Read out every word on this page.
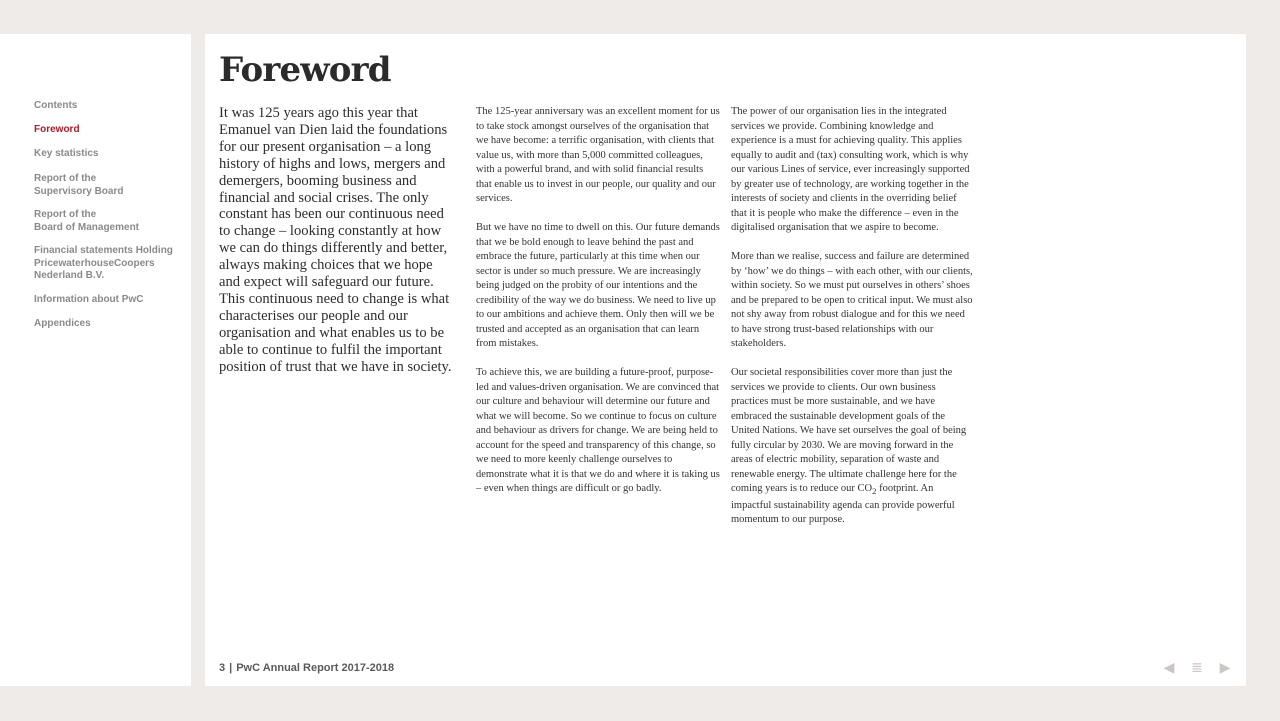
Contents
Foreword
Key statistics
Report of the
Supervisory Board
Report of the
Board of Management
Financial statements Holding
PricewaterhouseCoopers
Nederland B.V.
Information about PwC
Appendices
Foreword

It was 125 years ago this year that Emanuel van Dien laid the foundations for our present organisation – a long history of highs and lows, mergers and demergers, booming business and financial and social crises. The only constant has been our continuous need to change – looking constantly at how we can do things differently and better, always making choices that we hope and expect will safeguard our future. This continuous need to change is what characterises our people and our organisation and what enables us to be able to continue to fulfil the important position of trust that we have in society.

The 125-year anniversary was an excellent moment for us to take stock amongst ourselves of the organisation that we have become: a terrific organisation, with clients that value us, with more than 5,000 committed colleagues, with a powerful brand, and with solid financial results that enable us to invest in our people, our quality and our services.

But we have no time to dwell on this. Our future demands that we be bold enough to leave behind the past and embrace the future, particularly at this time when our sector is under so much pressure. We are increasingly being judged on the probity of our intentions and the credibility of the way we do business. We need to live up to our ambitions and achieve them. Only then will we be trusted and accepted as an organisation that can learn from mistakes.

To achieve this, we are building a future-proof, purpose-led and values-driven organisation. We are convinced that our culture and behaviour will determine our future and what we will become. So we continue to focus on culture and behaviour as drivers for change. We are being held to account for the speed and transparency of this change, so we need to more keenly challenge ourselves to demonstrate what it is that we do and where it is taking us – even when things are difficult or go badly.

The power of our organisation lies in the integrated services we provide. Combining knowledge and experience is a must for achieving quality. This applies equally to audit and (tax) consulting work, which is why our various Lines of service, ever increasingly supported by greater use of technology, are working together in the interests of society and clients in the overriding belief that it is people who make the difference – even in the digitalised organisation that we aspire to become.

More than we realise, success and failure are determined by ‘how’ we do things – with each other, with our clients, within society. So we must put ourselves in others’ shoes and be prepared to be open to critical input. We must also not shy away from robust dialogue and for this we need to have strong trust-based relationships with our stakeholders.

Our societal responsibilities cover more than just the services we provide to clients. Our own business practices must be more sustainable, and we have embraced the sustainable development goals of the United Nations. We have set ourselves the goal of being fully circular by 2030. We are moving forward in the areas of electric mobility, separation of waste and renewable energy. The ultimate challenge here for the coming years is to reduce our $CO_2$ footprint. An impactful sustainability agenda can provide powerful momentum to our purpose.

3 | PwC Annual Report 2017-2018	◀ ≣ ▶
